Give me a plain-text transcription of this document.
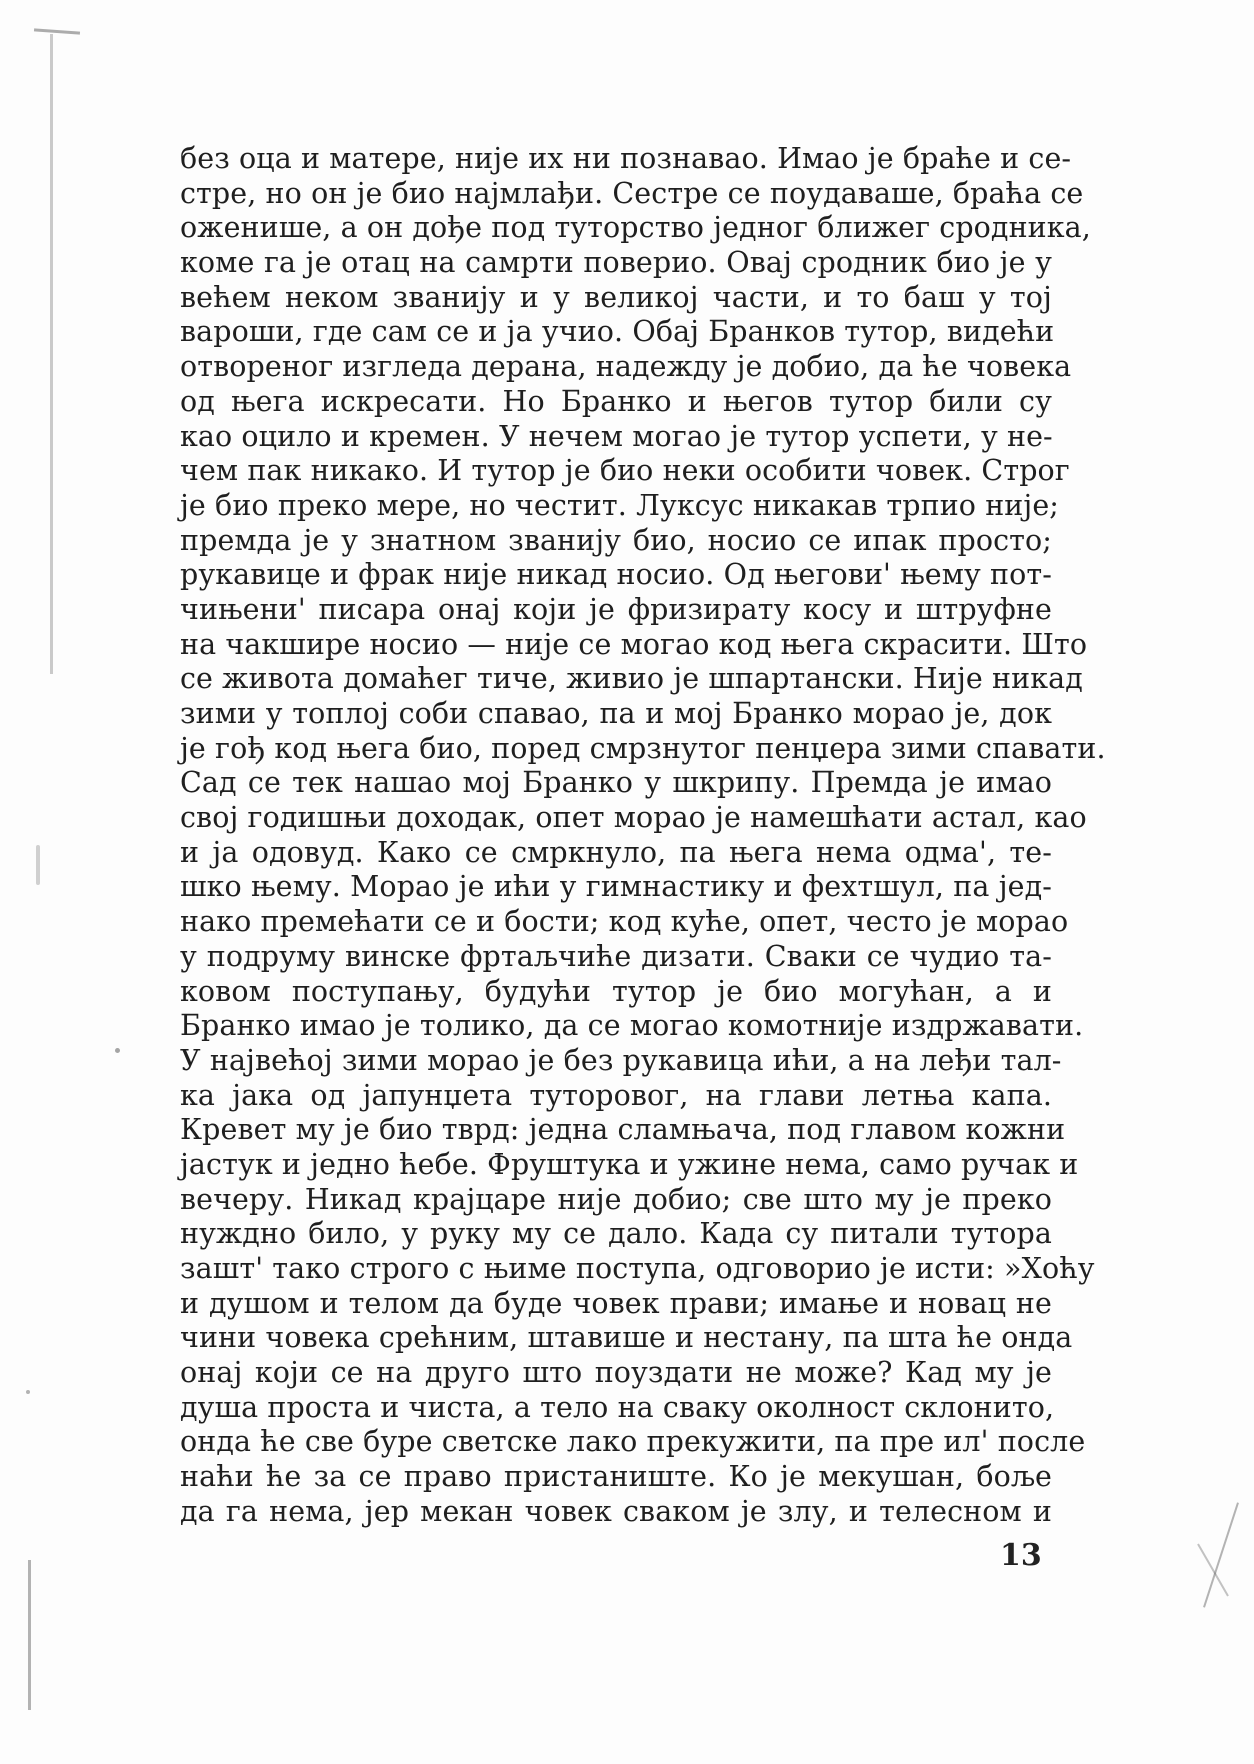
без оца и матере, није их ни познавао. Имао је браће и се-
стре, но он је био најмлађи. Сестре се поудаваше, браћа се
оженише, а он дође под туторство једног ближег сродника,
коме га је отац на самрти поверио. Овај сродник био је у
већем неком званију и у великој части, и то баш у тој
вароши, где сам се и ја учио. Обај Бранков тутор, видећи
отвореног изгледа дерана, надежду је добио, да ће човека
од њега искресати. Но Бранко и његов тутор били су
као оцило и кремен. У нечем могао је тутор успети, у не-
чем пак никако. И тутор је био неки особити човек. Строг
је био преко мере, но честит. Луксус никакав трпио није;
премда је у знатном званију био, носио се ипак просто;
рукавице и фрак није никад носио. Од његови' њему пот-
чињени' писара онај који је фризирату косу и штруфне
на чакшире носио — није се могао код њега скрасити. Што
се живота домаћег тиче, живио је шпартански. Није никад
зими у топлој соби спавао, па и мој Бранко морао је, док
је гођ код њега био, поред смрзнутог пенџера зими спавати.
Сад се тек нашао мој Бранко у шкрипу. Премда је имао
свој годишњи доходак, опет морао је намешћати астал, као
и ја одовуд. Како се смркнуло, па њега нема одма', те-
шко њему. Морао је ићи у гимнастику и фехтшул, па јед-
нако премећати се и бости; код куће, опет, често је морао
у подруму винске фртаљчиће дизати. Сваки се чудио та-
ковом поступању, будући тутор је био могућан, а и
Бранко имао је толико, да се могао комотније издржавати.
У највећој зими морао је без рукавица ићи, а на леђи тал-
ка јака од јапунџета туторовог, на глави летња капа.
Кревет му је био тврд: једна сламњача, под главом кожни
јастук и једно ћебе. Фруштука и ужине нема, само ручак и
вечеру. Никад крајцаре није добио; све што му је преко
нуждно било, у руку му се дало. Када су питали тутора
зашт' тако строго с њиме поступа, одговорио је исти: »Хоћу
и душом и телом да буде човек прави; имање и новац не
чини човека срећним, штавише и нестану, па шта ће онда
онај који се на друго што поуздати не може? Кад му је
душа проста и чиста, а тело на сваку околност склонито,
онда ће све буре светске лако прекужити, па пре ил' после
наћи ће за се право пристаниште. Ко је мекушан, боље
да га нема, јер мекан човек сваком је злу, и телесном и
13
